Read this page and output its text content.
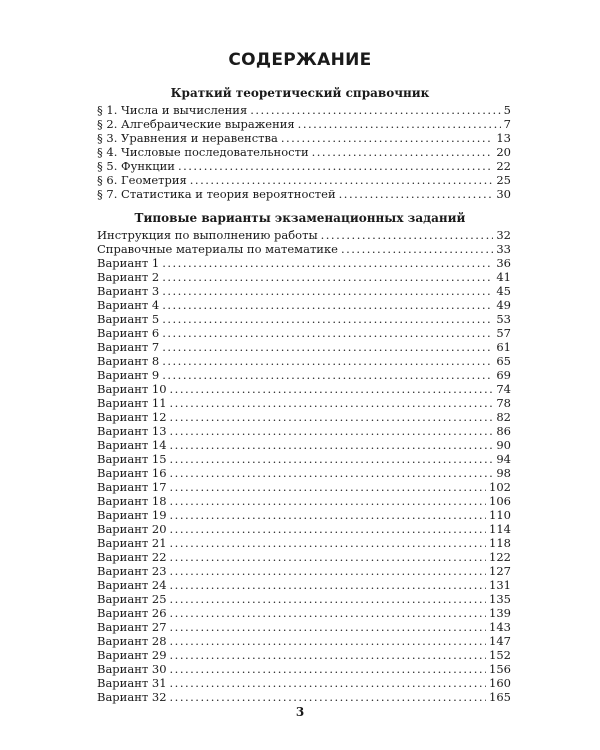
СОДЕРЖАНИЕ
Краткий теоретический справочник
§ 1. Числа и вычисления .....	5
§ 2. Алгебраические выражения .....	7
§ 3. Уравнения и неравенства .....	13
§ 4. Числовые последовательности .....	20
§ 5. Функции .....	22
§ 6. Геометрия .....	25
§ 7. Статистика и теория вероятностей .....	30
Типовые варианты экзаменационных заданий
Инструкция по выполнению работы .....	32
Справочные материалы по математике .....	33
Вариант 1 .....	36
Вариант 2 .....	41
Вариант 3 .....	45
Вариант 4 .....	49
Вариант 5 .....	53
Вариант 6 .....	57
Вариант 7 .....	61
Вариант 8 .....	65
Вариант 9 .....	69
Вариант 10 .....	74
Вариант 11 .....	78
Вариант 12 .....	82
Вариант 13 .....	86
Вариант 14 .....	90
Вариант 15 .....	94
Вариант 16 .....	98
Вариант 17 .....	102
Вариант 18 .....	106
Вариант 19 .....	110
Вариант 20 .....	114
Вариант 21 .....	118
Вариант 22 .....	122
Вариант 23 .....	127
Вариант 24 .....	131
Вариант 25 .....	135
Вариант 26 .....	139
Вариант 27 .....	143
Вариант 28 .....	147
Вариант 29 .....	152
Вариант 30 .....	156
Вариант 31 .....	160
Вариант 32 .....	165
3
